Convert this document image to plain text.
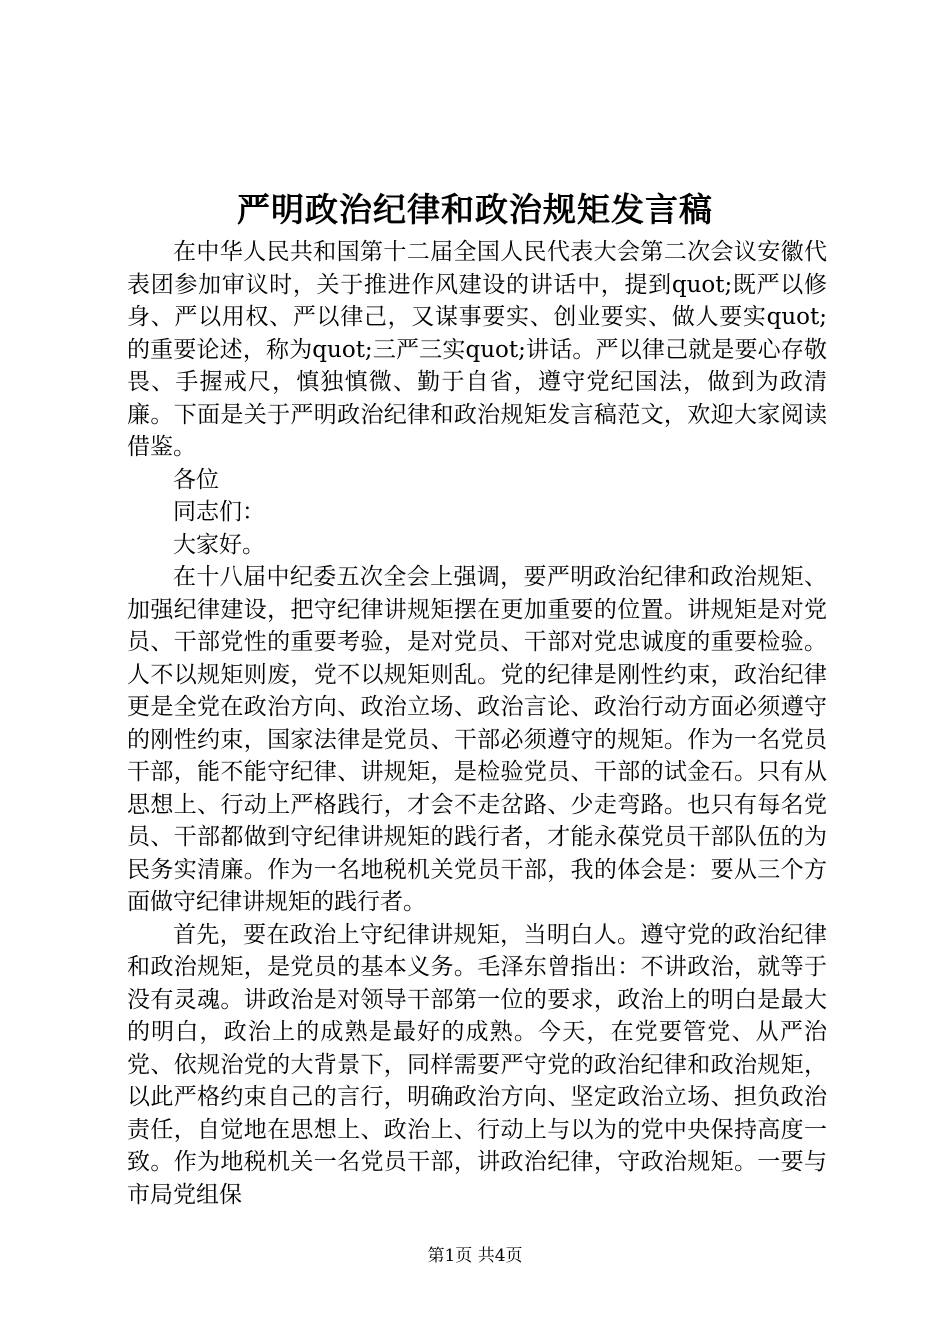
严明政治纪律和政治规矩发言稿

在中华人民共和国第十二届全国人民代表大会第二次会议安徽代表团参加审议时，关于推进作风建设的讲话中，提到quot;既严以修身、严以用权、严以律己，又谋事要实、创业要实、做人要实quot;的重要论述，称为quot;三严三实quot;讲话。严以律己就是要心存敬畏、手握戒尺，慎独慎微、勤于自省，遵守党纪国法，做到为政清廉。下面是关于严明政治纪律和政治规矩发言稿范文，欢迎大家阅读借鉴。

各位

同志们：

大家好。

在十八届中纪委五次全会上强调，要严明政治纪律和政治规矩、加强纪律建设，把守纪律讲规矩摆在更加重要的位置。讲规矩是对党员、干部党性的重要考验，是对党员、干部对党忠诚度的重要检验。人不以规矩则废，党不以规矩则乱。党的纪律是刚性约束，政治纪律更是全党在政治方向、政治立场、政治言论、政治行动方面必须遵守的刚性约束，国家法律是党员、干部必须遵守的规矩。作为一名党员干部，能不能守纪律、讲规矩，是检验党员、干部的试金石。只有从思想上、行动上严格践行，才会不走岔路、少走弯路。也只有每名党员、干部都做到守纪律讲规矩的践行者，才能永葆党员干部队伍的为民务实清廉。作为一名地税机关党员干部，我的体会是：要从三个方面做守纪律讲规矩的践行者。

首先，要在政治上守纪律讲规矩，当明白人。遵守党的政治纪律和政治规矩，是党员的基本义务。毛泽东曾指出：不讲政治，就等于没有灵魂。讲政治是对领导干部第一位的要求，政治上的明白是最大的明白，政治上的成熟是最好的成熟。今天，在党要管党、从严治党、依规治党的大背景下，同样需要严守党的政治纪律和政治规矩，以此严格约束自己的言行，明确政治方向、坚定政治立场、担负政治责任，自觉地在思想上、政治上、行动上与以为的党中央保持高度一致。作为地税机关一名党员干部，讲政治纪律，守政治规矩。一要与市局党组保

第1页 共4页
